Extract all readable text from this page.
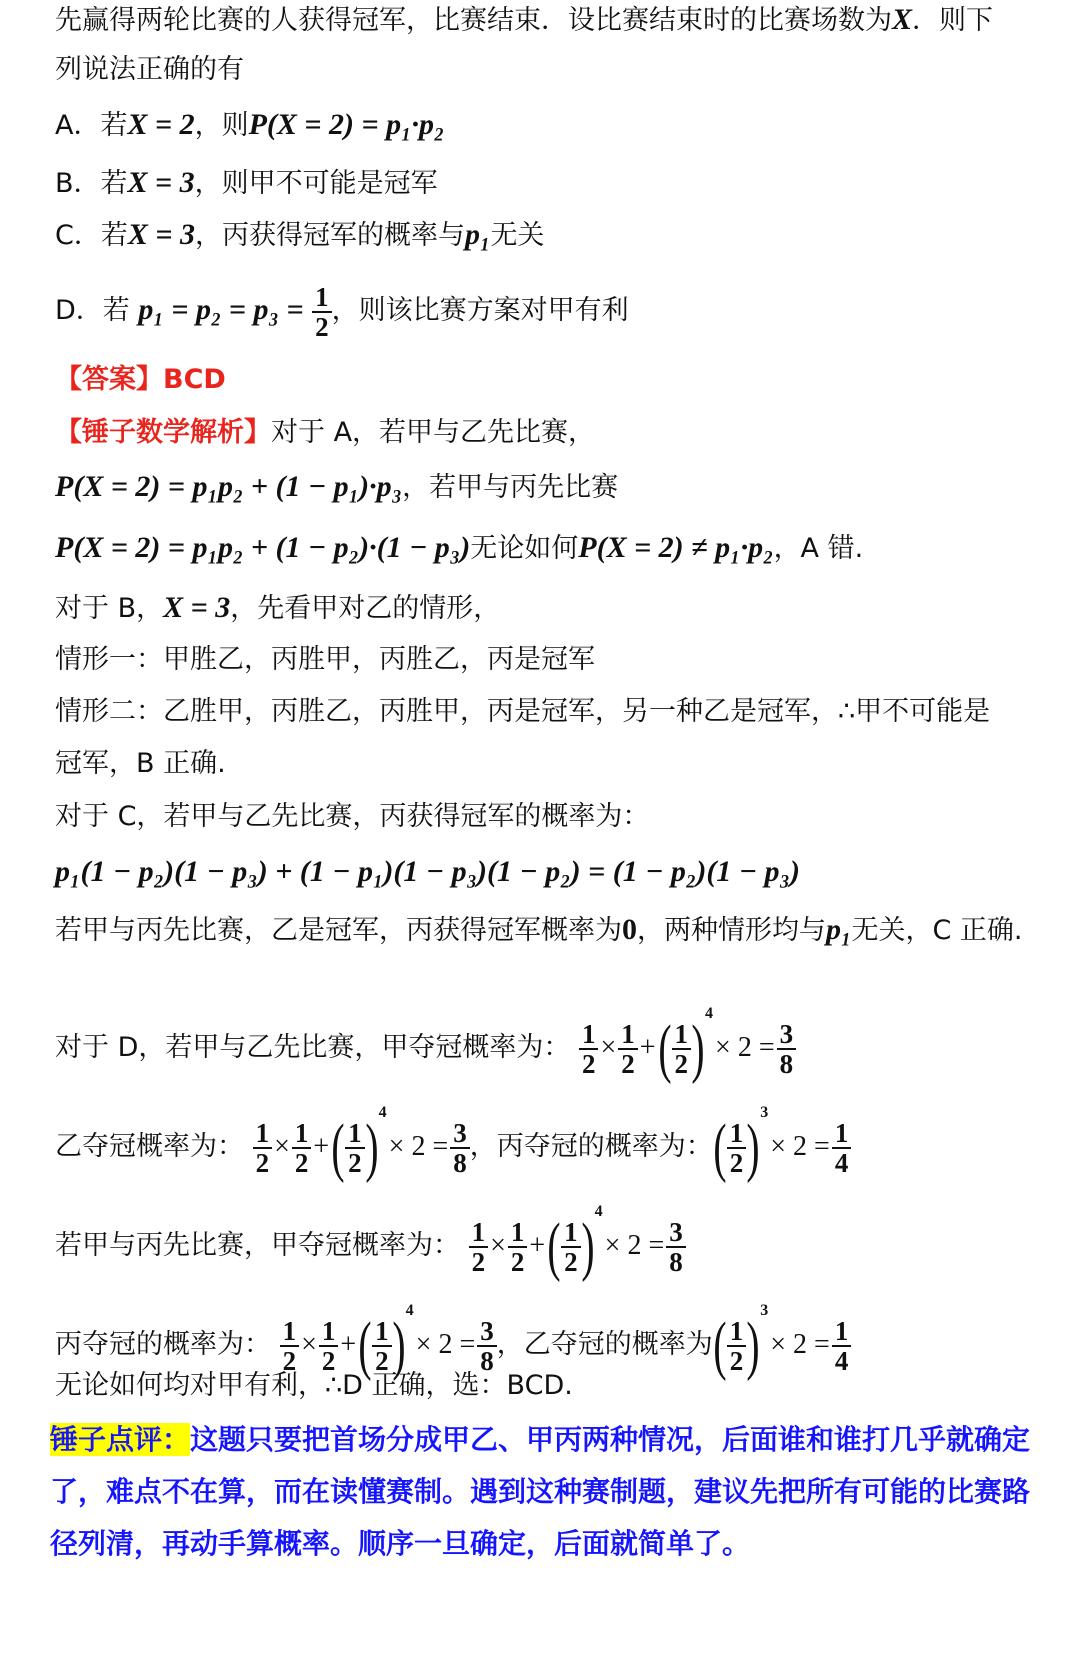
先赢得两轮比赛的人获得冠军，比赛结束．设比赛结束时的比赛场数为X．则下
列说法正确的有
A．若X = 2，则P(X = 2) = p₁·p₂
B．若X = 3，则甲不可能是冠军
C．若X = 3，丙获得冠军的概率与p₁无关
D．若 $p_1 = p_2 = p_3 = \frac{1}{2}$ ，则该比赛方案对甲有利
【答案】BCD
【锤子数学解析】对于 A，若甲与乙先比赛，
P(X = 2) = p₁p₂ + (1 − p₁)·p₃，若甲与丙先比赛
P(X = 2) = p₁p₂ + (1 − p₂)·(1 − p₃)无论如何P(X = 2) ≠ p₁·p₂，A 错.
对于 B，X = 3，先看甲对乙的情形，
情形一：甲胜乙，丙胜甲，丙胜乙，丙是冠军
情形二：乙胜甲，丙胜乙，丙胜甲，丙是冠军，另一种乙是冠军，∴甲不可能是
冠军，B 正确.
对于 C，若甲与乙先比赛，丙获得冠军的概率为：
p₁(1 − p₂)(1 − p₃) + (1 − p₁)(1 − p₃)(1 − p₂) = (1 − p₂)(1 − p₃)
若甲与丙先比赛，乙是冠军，丙获得冠军概率为0，两种情形均与p₁无关，C 正确.
对于 D，若甲与乙先比赛，甲夺冠概率为： $\frac{1}{2} \times \frac{1}{2}$ +( $\frac{1}{2} )4\times 2 = \frac{3}{8}$
乙夺冠概率为： $\frac{1}{2} \times \frac{1}{2}$ +( $\frac{1}{2} )4\times 2 = \frac{3}{8}$ ，丙夺冠的概率为：( $\frac{1}{2} )3\times 2 = \frac{1}{4}$
若甲与丙先比赛，甲夺冠概率为： $\frac{1}{2} \times \frac{1}{2}$ +( $\frac{1}{2} )4\times 2 = \frac{3}{8}$
丙夺冠的概率为： $\frac{1}{2} \times \frac{1}{2}$ +( $\frac{1}{2} )4\times 2 = \frac{3}{8}$ ，乙夺冠的概率为( $\frac{1}{2} )3\times 2 = \frac{1}{4}$
无论如何均对甲有利，∴D 正确，选：BCD.
锤子点评：这题只要把首场分成甲乙、甲丙两种情况，后面谁和谁打几乎就确定
了，难点不在算，而在读懂赛制。遇到这种赛制题，建议先把所有可能的比赛路
径列清，再动手算概率。顺序一旦确定，后面就简单了。
